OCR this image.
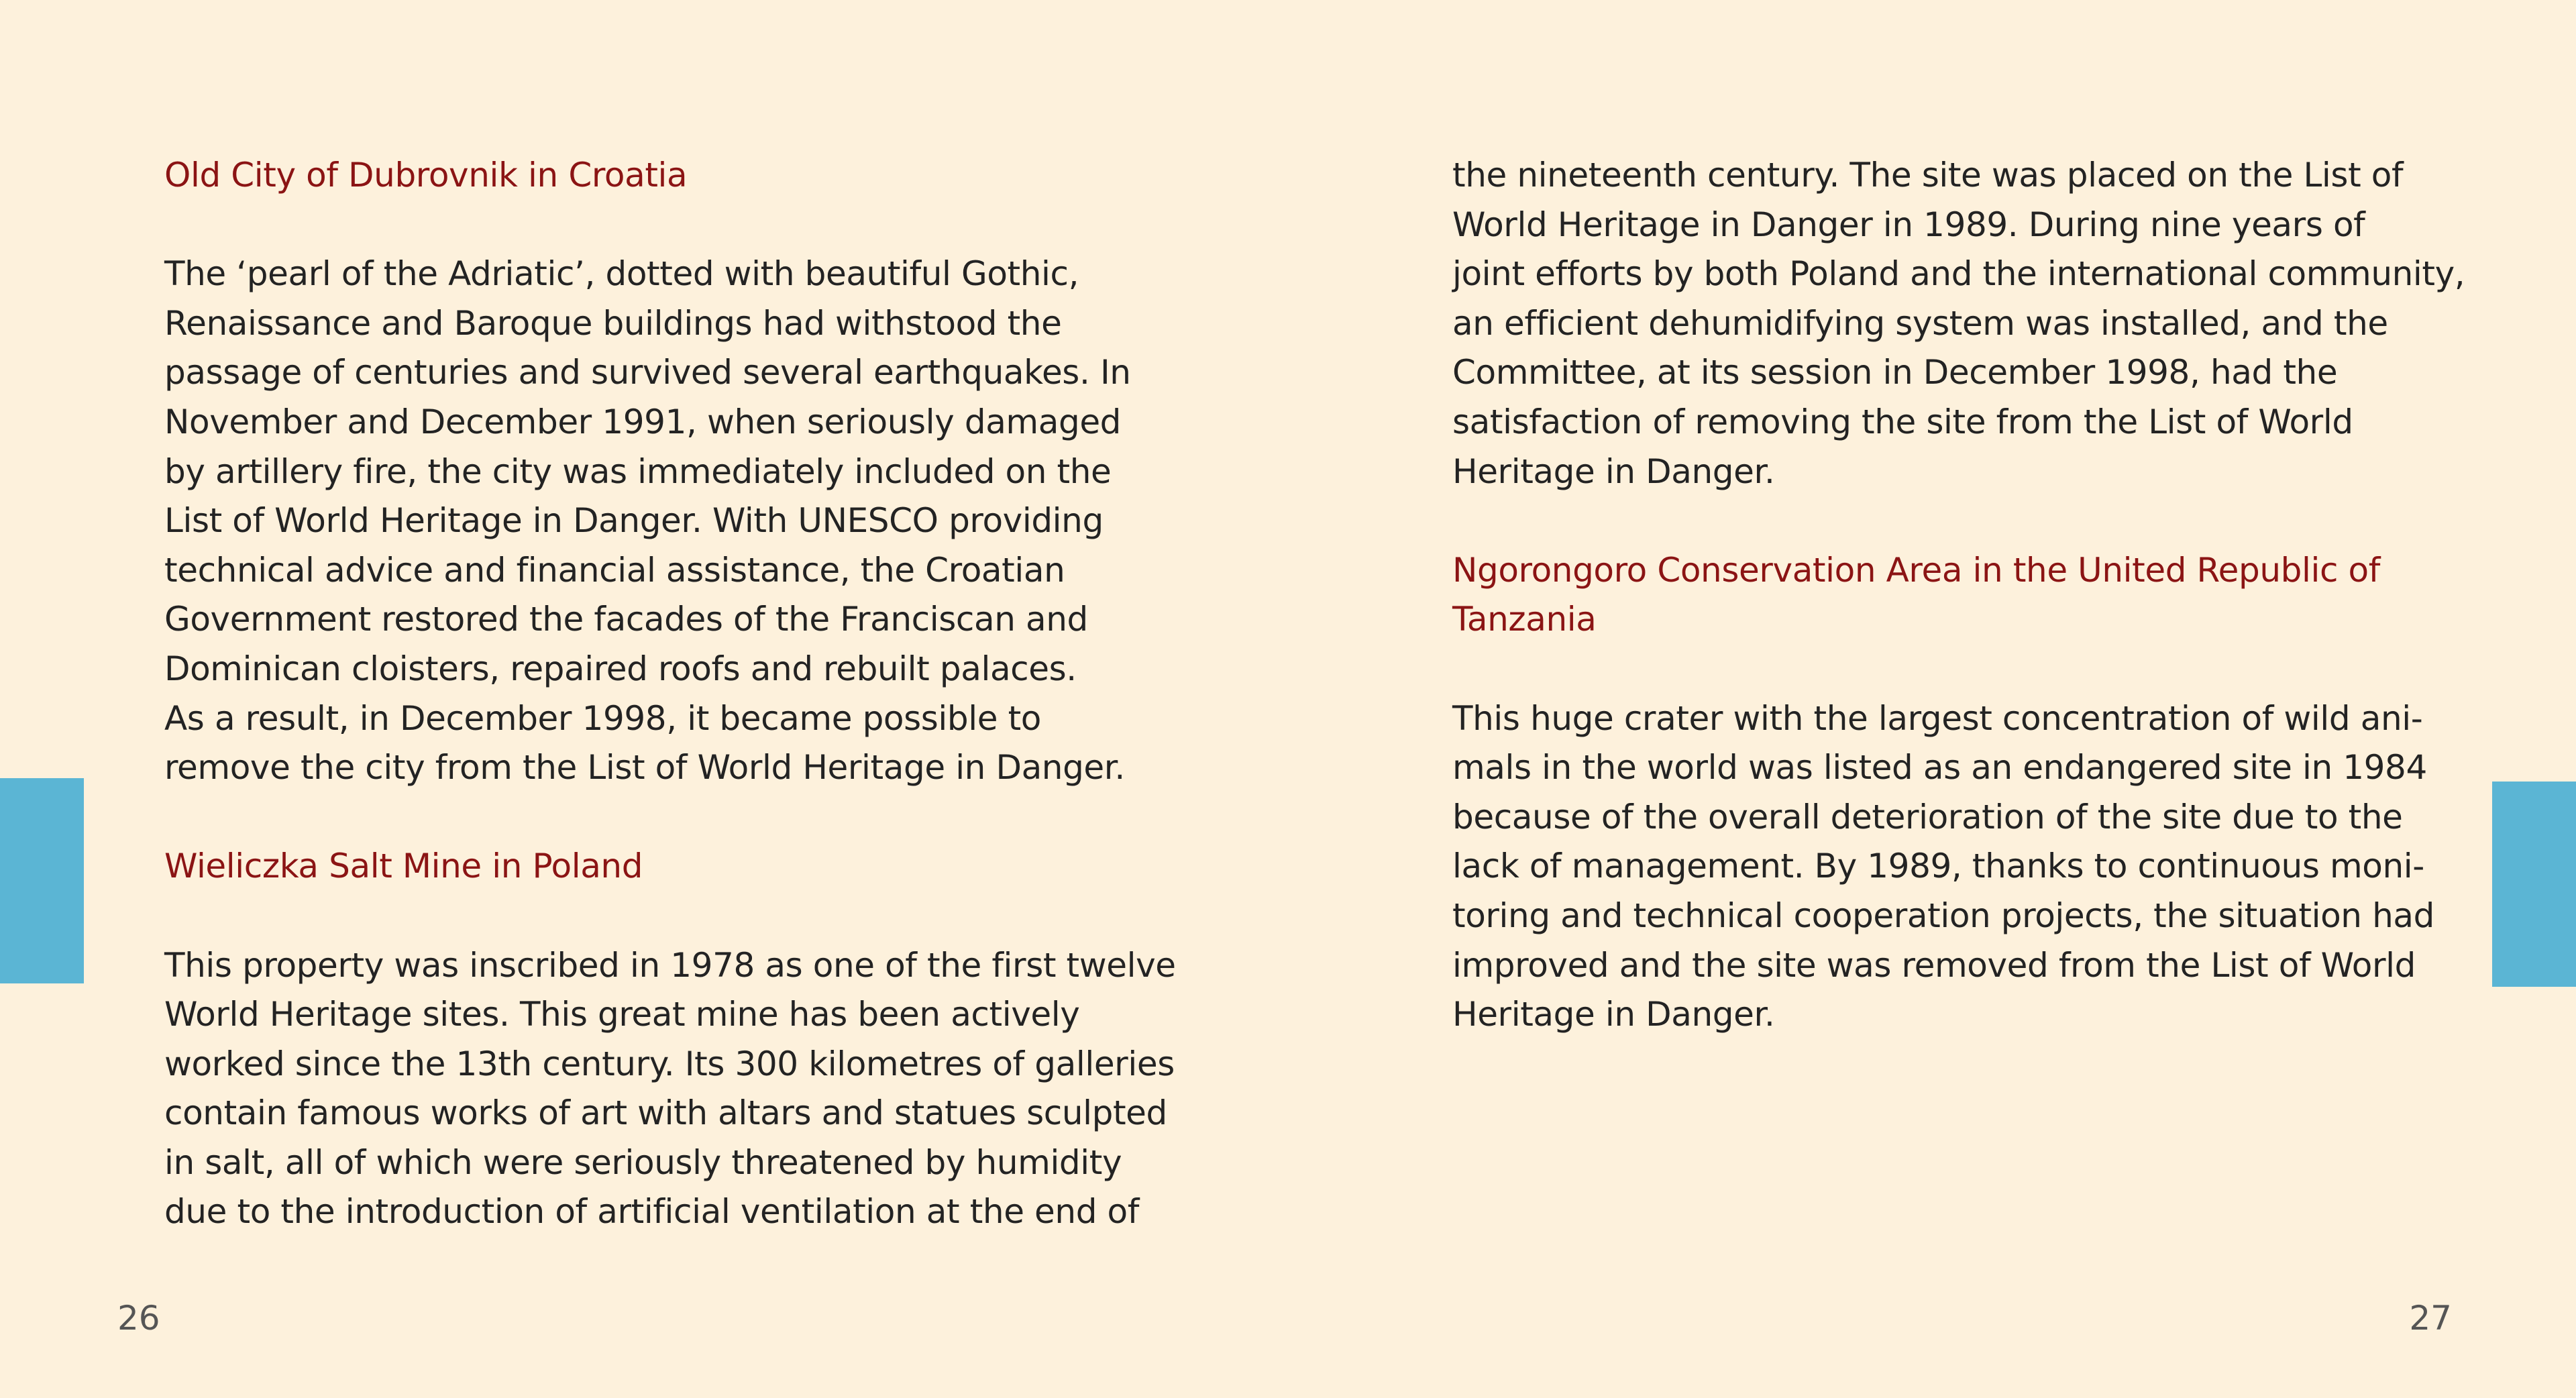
Old City of Dubrovnik in Croatia
The ‘pearl of the Adriatic’, dotted with beautiful Gothic,
Renaissance and Baroque buildings had withstood the
passage of centuries and survived several earthquakes. In
November and December 1991, when seriously damaged
by artillery fire, the city was immediately included on the
List of World Heritage in Danger. With UNESCO providing
technical advice and financial assistance, the Croatian
Government restored the facades of the Franciscan and
Dominican cloisters, repaired roofs and rebuilt palaces.
As a result, in December 1998, it became possible to
remove the city from the List of World Heritage in Danger.
Wieliczka Salt Mine in Poland
This property was inscribed in 1978 as one of the first twelve
World Heritage sites. This great mine has been actively
worked since the 13th century. Its 300 kilometres of galleries
contain famous works of art with altars and statues sculpted
in salt, all of which were seriously threatened by humidity
due to the introduction of artificial ventilation at the end of
26
the nineteenth century. The site was placed on the List of
World Heritage in Danger in 1989. During nine years of
joint efforts by both Poland and the international community,
an efficient dehumidifying system was installed, and the
Committee, at its session in December 1998, had the
satisfaction of removing the site from the List of World
Heritage in Danger.
Ngorongoro Conservation Area in the United Republic of
Tanzania
This huge crater with the largest concentration of wild ani-
mals in the world was listed as an endangered site in 1984
because of the overall deterioration of the site due to the
lack of management. By 1989, thanks to continuous moni-
toring and technical cooperation projects, the situation had
improved and the site was removed from the List of World
Heritage in Danger.
27
